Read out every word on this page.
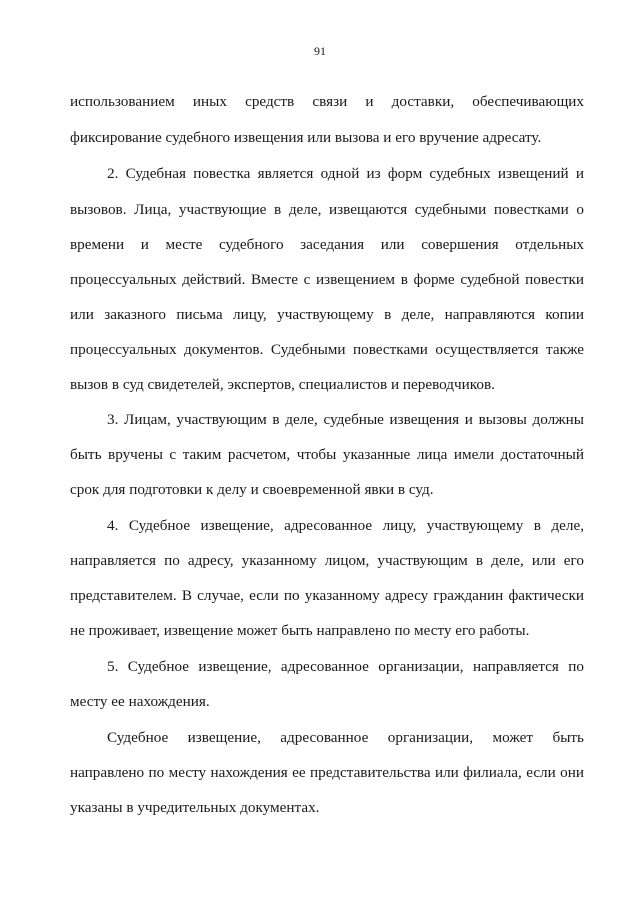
91
использованием иных средств связи и доставки, обеспечивающих
фиксирование судебного извещения или вызова и его вручение адресату.
2. Судебная повестка является одной из форм судебных извещений и
вызовов. Лица, участвующие в деле, извещаются судебными повестками о
времени и месте судебного заседания или совершения отдельных
процессуальных действий. Вместе с извещением в форме судебной повестки
или заказного письма лицу, участвующему в деле, направляются копии
процессуальных документов. Судебными повестками осуществляется также
вызов в суд свидетелей, экспертов, специалистов и переводчиков.
3. Лицам, участвующим в деле, судебные извещения и вызовы должны
быть вручены с таким расчетом, чтобы указанные лица имели достаточный
срок для подготовки к делу и своевременной явки в суд.
4. Судебное извещение, адресованное лицу, участвующему в деле,
направляется по адресу, указанному лицом, участвующим в деле, или его
представителем. В случае, если по указанному адресу гражданин фактически
не проживает, извещение может быть направлено по месту его работы.
5. Судебное извещение, адресованное организации, направляется по
месту ее нахождения.
Судебное извещение, адресованное организации, может быть
направлено по месту нахождения ее представительства или филиала, если они
указаны в учредительных документах.
